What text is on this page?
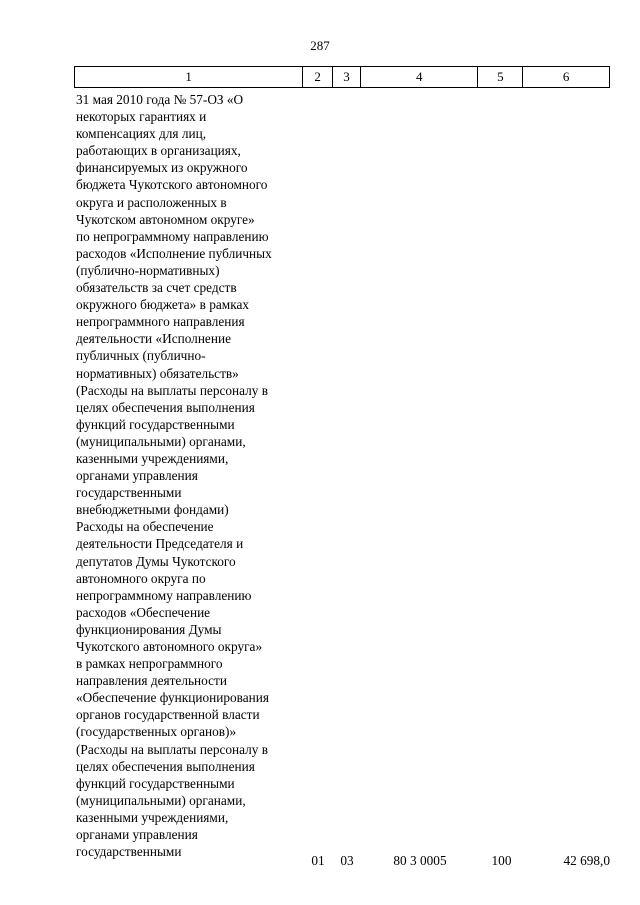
287
1	2	3	4	5	6
31 мая 2010 года № 57-ОЗ «О
некоторых гарантиях и
компенсациях для лиц,
работающих в организациях,
финансируемых из окружного
бюджета Чукотского автономного
округа и расположенных в
Чукотском автономном округе»
по непрограммному направлению
расходов «Исполнение публичных
(публично-нормативных)
обязательств за счет средств
окружного бюджета» в рамках
непрограммного направления
деятельности «Исполнение
публичных (публично-
нормативных) обязательств»
(Расходы на выплаты персоналу в
целях обеспечения выполнения
функций государственными
(муниципальными) органами,
казенными учреждениями,
органами управления
государственными
внебюджетными фондами)
Расходы на обеспечение
деятельности Председателя и
депутатов Думы Чукотского
автономного округа по
непрограммному направлению
расходов «Обеспечение
функционирования Думы
Чукотского автономного округа»
в рамках непрограммного
направления деятельности
«Обеспечение функционирования
органов государственной власти
(государственных органов)»
(Расходы на выплаты персоналу в
целях обеспечения выполнения
функций государственными
(муниципальными) органами,
казенными учреждениями,
органами управления
государственными
01	03	80 3 0005	100	42 698,0
